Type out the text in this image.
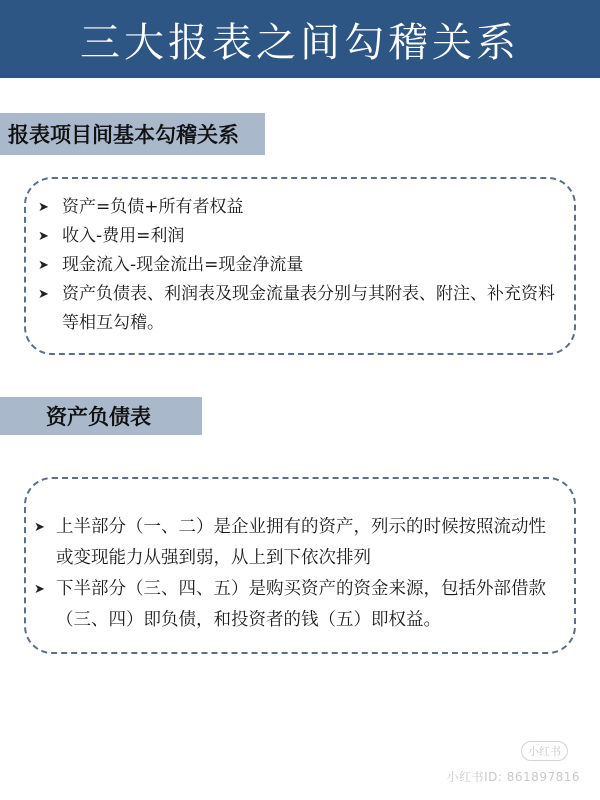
三大报表之间勾稽关系
报表项目间基本勾稽关系
➤ 资产=负债+所有者权益
➤ 收入-费用=利润
➤ 现金流入-现金流出=现金净流量
➤ 资产负债表、利润表及现金流量表分别与其附表、附注、补充资料等相互勾稽。
资产负债表
➤ 上半部分（一、二）是企业拥有的资产，列示的时候按照流动性或变现能力从强到弱，从上到下依次排列
➤ 下半部分（三、四、五）是购买资产的资金来源，包括外部借款（三、四）即负债，和投资者的钱（五）即权益。
小红书
小红书ID: 861897816
